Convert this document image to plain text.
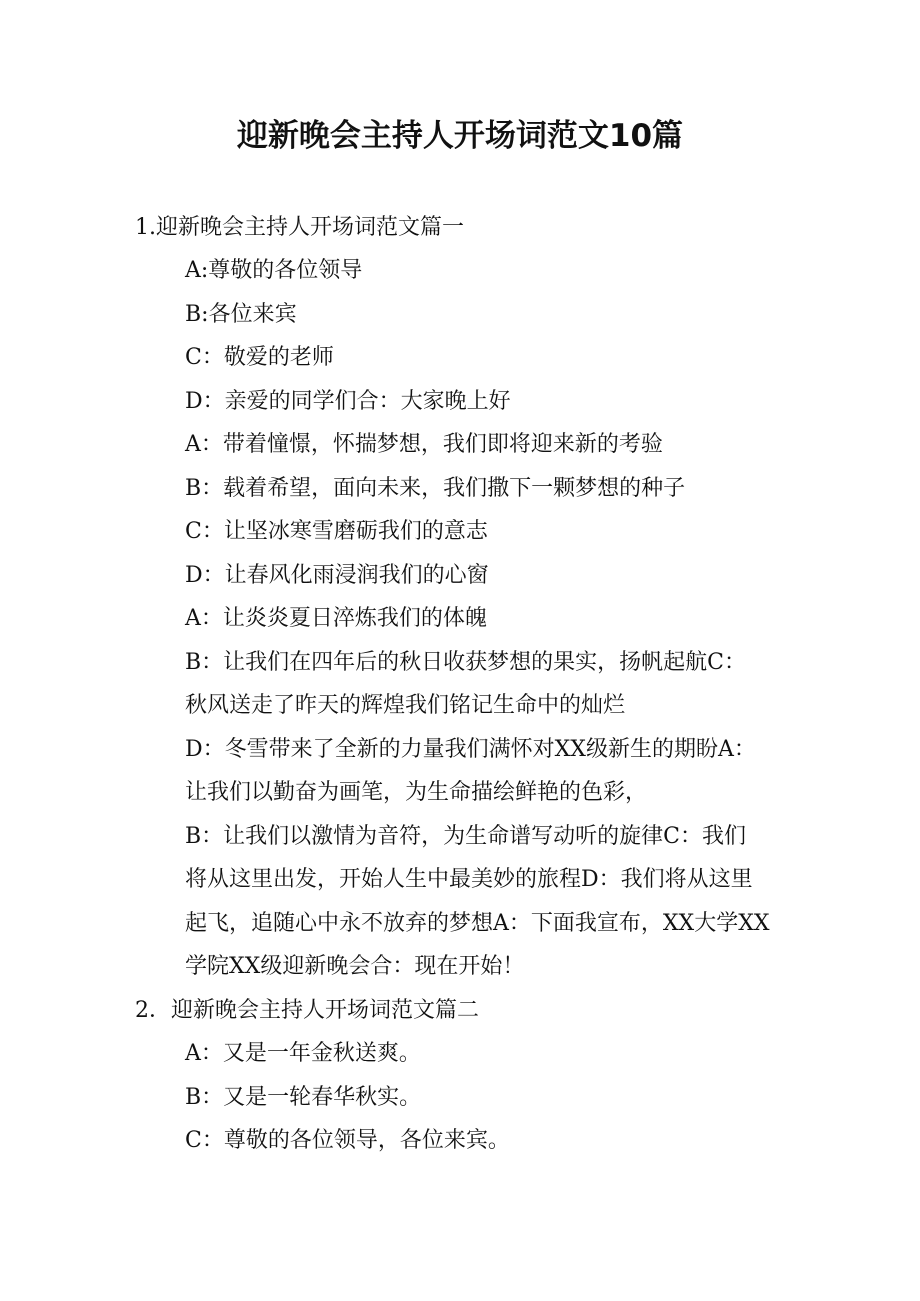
迎新晚会主持人开场词范文10篇

1.迎新晚会主持人开场词范文篇一

A:尊敬的各位领导

B:各位来宾

C：敬爱的老师

D：亲爱的同学们合：大家晚上好

A：带着憧憬，怀揣梦想，我们即将迎来新的考验

B：载着希望，面向未来，我们撒下一颗梦想的种子

C：让坚冰寒雪磨砺我们的意志

D：让春风化雨浸润我们的心窗

A：让炎炎夏日淬炼我们的体魄

B：让我们在四年后的秋日收获梦想的果实，扬帆起航C：

秋风送走了昨天的辉煌我们铭记生命中的灿烂

D：冬雪带来了全新的力量我们满怀对XX级新生的期盼A：

让我们以勤奋为画笔，为生命描绘鲜艳的色彩，

B：让我们以激情为音符，为生命谱写动听的旋律C：我们

将从这里出发，开始人生中最美妙的旅程D：我们将从这里

起飞，追随心中永不放弃的梦想A：下面我宣布，XX大学XX

学院XX级迎新晚会合：现在开始！

2．迎新晚会主持人开场词范文篇二

A：又是一年金秋送爽。

B：又是一轮春华秋实。

C：尊敬的各位领导，各位来宾。
